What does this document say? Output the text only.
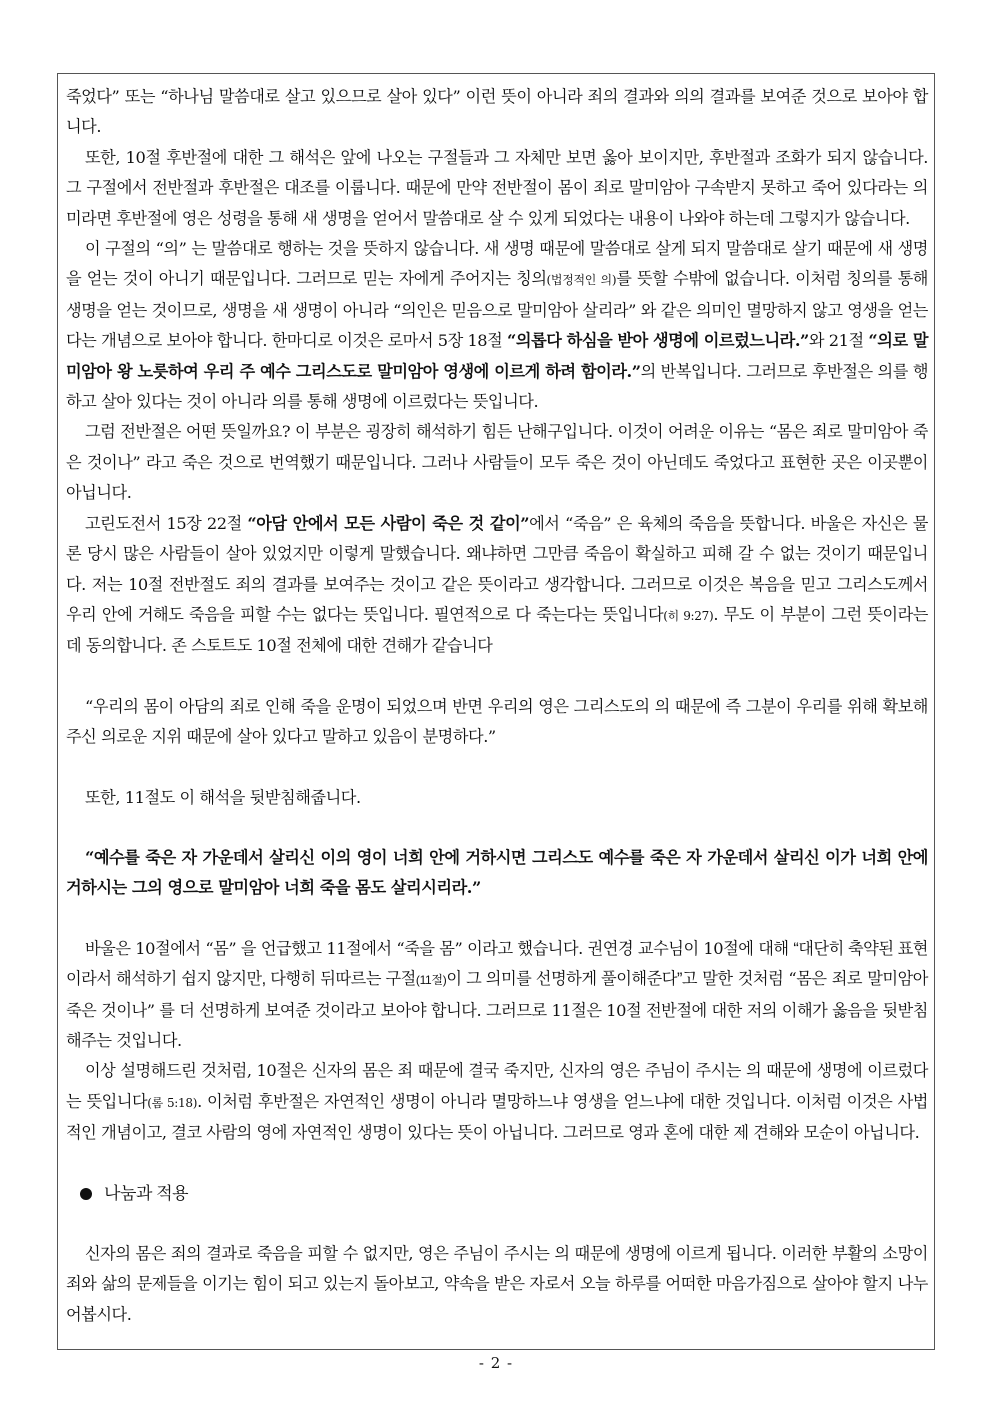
죽었다” 또는 “하나님 말씀대로 살고 있으므로 살아 있다” 이런 뜻이 아니라 죄의 결과와 의의 결과를 보여준 것으로 보아야 합니다.

또한, 10절 후반절에 대한 그 해석은 앞에 나오는 구절들과 그 자체만 보면 옳아 보이지만, 후반절과 조화가 되지 않습니다. 그 구절에서 전반절과 후반절은 대조를 이룹니다. 때문에 만약 전반절이 몸이 죄로 말미암아 구속받지 못하고 죽어 있다라는 의미라면 후반절에 영은 성령을 통해 새 생명을 얻어서 말씀대로 살 수 있게 되었다는 내용이 나와야 하는데 그렇지가 않습니다.

이 구절의 “의” 는 말씀대로 행하는 것을 뜻하지 않습니다. 새 생명 때문에 말씀대로 살게 되지 말씀대로 살기 때문에 새 생명을 얻는 것이 아니기 때문입니다. 그러므로 믿는 자에게 주어지는 칭의(법정적인 의)를 뜻할 수밖에 없습니다. 이처럼 칭의를 통해 생명을 얻는 것이므로, 생명을 새 생명이 아니라 “의인은 믿음으로 말미암아 살리라” 와 같은 의미인 멸망하지 않고 영생을 얻는다는 개념으로 보아야 합니다. 한마디로 이것은 로마서 5장 18절 “의롭다 하심을 받아 생명에 이르렀느니라.”와 21절 “의로 말미암아 왕 노릇하여 우리 주 예수 그리스도로 말미암아 영생에 이르게 하려 함이라.”의 반복입니다. 그러므로 후반절은 의를 행하고 살아 있다는 것이 아니라 의를 통해 생명에 이르렀다는 뜻입니다.

그럼 전반절은 어떤 뜻일까요? 이 부분은 굉장히 해석하기 힘든 난해구입니다. 이것이 어려운 이유는 “몸은 죄로 말미암아 죽은 것이나” 라고 죽은 것으로 번역했기 때문입니다. 그러나 사람들이 모두 죽은 것이 아닌데도 죽었다고 표현한 곳은 이곳뿐이 아닙니다.

고린도전서 15장 22절 “아담 안에서 모든 사람이 죽은 것 같이”에서 “죽음” 은 육체의 죽음을 뜻합니다. 바울은 자신은 물론 당시 많은 사람들이 살아 있었지만 이렇게 말했습니다. 왜냐하면 그만큼 죽음이 확실하고 피해 갈 수 없는 것이기 때문입니다. 저는 10절 전반절도 죄의 결과를 보여주는 것이고 같은 뜻이라고 생각합니다. 그러므로 이것은 복음을 믿고 그리스도께서 우리 안에 거해도 죽음을 피할 수는 없다는 뜻입니다. 필연적으로 다 죽는다는 뜻입니다(히 9:27). 무도 이 부분이 그런 뜻이라는 데 동의합니다. 존 스토트도 10절 전체에 대한 견해가 같습니다

“우리의 몸이 아담의 죄로 인해 죽을 운명이 되었으며 반면 우리의 영은 그리스도의 의 때문에 즉 그분이 우리를 위해 확보해주신 의로운 지위 때문에 살아 있다고 말하고 있음이 분명하다.”

또한, 11절도 이 해석을 뒷받침해줍니다.

“예수를 죽은 자 가운데서 살리신 이의 영이 너희 안에 거하시면 그리스도 예수를 죽은 자 가운데서 살리신 이가 너희 안에 거하시는 그의 영으로 말미암아 너희 죽을 몸도 살리시리라.”

바울은 10절에서 “몸” 을 언급했고 11절에서 “죽을 몸” 이라고 했습니다. 권연경 교수님이 10절에 대해 “대단히 축약된 표현이라서 해석하기 쉽지 않지만, 다행히 뒤따르는 구절(11절)이 그 의미를 선명하게 풀이해준다”고 말한 것처럼 “몸은 죄로 말미암아 죽은 것이나” 를 더 선명하게 보여준 것이라고 보아야 합니다. 그러므로 11절은 10절 전반절에 대한 저의 이해가 옳음을 뒷받침해주는 것입니다.

이상 설명해드린 것처럼, 10절은 신자의 몸은 죄 때문에 결국 죽지만, 신자의 영은 주님이 주시는 의 때문에 생명에 이르렀다는 뜻입니다(롬 5:18). 이처럼 후반절은 자연적인 생명이 아니라 멸망하느냐 영생을 얻느냐에 대한 것입니다. 이처럼 이것은 사법적인 개념이고, 결코 사람의 영에 자연적인 생명이 있다는 뜻이 아닙니다. 그러므로 영과 혼에 대한 제 견해와 모순이 아닙니다.

나눔과 적용

신자의 몸은 죄의 결과로 죽음을 피할 수 없지만, 영은 주님이 주시는 의 때문에 생명에 이르게 됩니다. 이러한 부활의 소망이 죄와 삶의 문제들을 이기는 힘이 되고 있는지 돌아보고, 약속을 받은 자로서 오늘 하루를 어떠한 마음가짐으로 살아야 할지 나누어봅시다.

- 2 -
